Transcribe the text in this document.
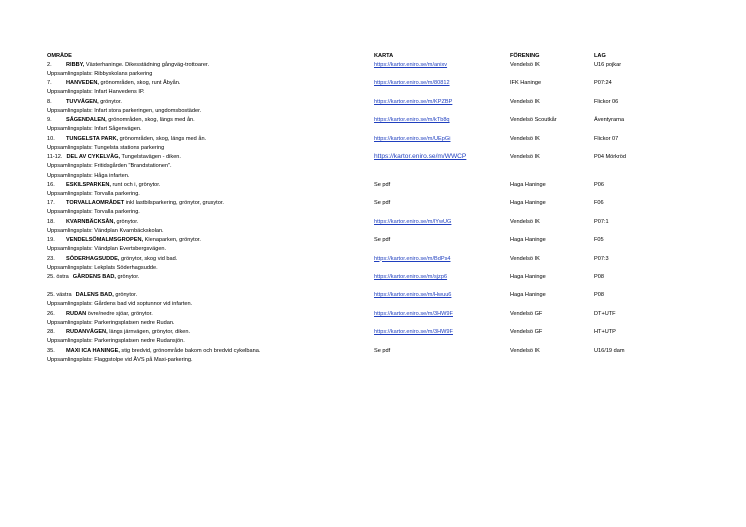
OMRÅDE	KARTA	FÖRENING	LAG
2.	RIBBY, Västerhaninge. Dikesstädning gångväg-trottoarer.
Uppsamlingsplats: Ribbyskolans parkering
https://kartor.eniro.se/m/anixv	Vendelsö IK	U16 pojkar
7.	HANVEDEN, grönområden, skog, runt Åbyån.
Uppsamlingsplats: Infart Hanvedens IP.
https://kartor.eniro.se/m/80812	IFK Haninge	P07:24
8.	TUVVÄGEN, grönytor.
Uppsamlingsplats: Infart stora parkeringen, ungdomsbostäder.
https://kartor.eniro.se/m/KPZBP	Vendelsö IK	Flickor 06
9.	SÅGENDALEN, grönområden, skog, längs med ån.
Uppsamlingsplats: Infart Sågenvägen.
https://kartor.eniro.se/m/kTb8q	Vendelsö Scoutkår	Äventyrarna
10. TUNGELSTA PARK, grönområden, skog, längs med ån.
Uppsamlingsplats: Tungelsta stations parkering
https://kartor.eniro.se/m/UEpGi	Vendelsö IK	Flickor 07
11-12. DEL AV CYKELVÄG, Tungelstavägen - diken.
Uppsamlingsplats: Fritidsgården "Brandstationen".
https://kartor.eniro.se/m/WWCP	Vendelsö IK	P04 Mörkröd
Uppsamlingsplats: Håga infarten.
16. ESKILSPARKEN, runt och i, grönytor.
Uppsamlingsplats: Torvalla parkering.
Se pdf	Haga Haninge	P06
17. TORVALLAOMRÅDET inkl lastbilsparkering, grönytor, grusytor.
Uppsamlingsplats: Torvalla parkering.
Se pdf	Haga Haninge	F06
18. KVARNBÄCKSÅN, grönytor.
Uppsamlingsplats: Vändplan Kvarnbäckskolan.
https://kartor.eniro.se/m/lYwUG	Vendelsö IK	P07:1
19. VENDELSÖMALMSGROPEN, Klenaparken, grönytor.
Uppsamlingsplats: Vändplan Evertsbergsvägen.
Se pdf	Haga Haninge	F05
23. SÖDERHAGSUDDE, grönytor, skog vid bad.
Uppsamlingsplats: Lekplats Söderhagsudde.
https://kartor.eniro.se/m/BdPs4	Vendelsö IK	P07:3
25. östra GÅRDENS BAD, grönytor.	https://kartor.eniro.se/m/sjzp6	Haga Haninge	P08
25. västra DALENS BAD, grönytor.
Uppsamlingsplats: Gårdens bad vid soptunnor vid infarten.
https://kartor.eniro.se/m/Hwuu6	Haga Haninge	P08
26. RUDAN övre/nedre sjöar, grönytor.
Uppsamlingsplats: Parkeringsplatsen nedre Rudan.
https://kartor.eniro.se/m/3HW9F	Vendelsö GF	DT+UTF
28. RUDANVÄGEN, längs järnvägen, grönytor, diken.
Uppsamlingsplats: Parkeringsplatsen nedre Rudansjön.
https://kartor.eniro.se/m/3HW9F	Vendelsö GF	HT+UTP
35. MAXI ICA HANINGE, stig bredvid, grönområde bakom och bredvid cykelbana.
Uppsamlingsplats: Flaggstolpe vid ÅVS på Maxi-parkering.
Se pdf	Vendelsö IK	U16/19 dam
